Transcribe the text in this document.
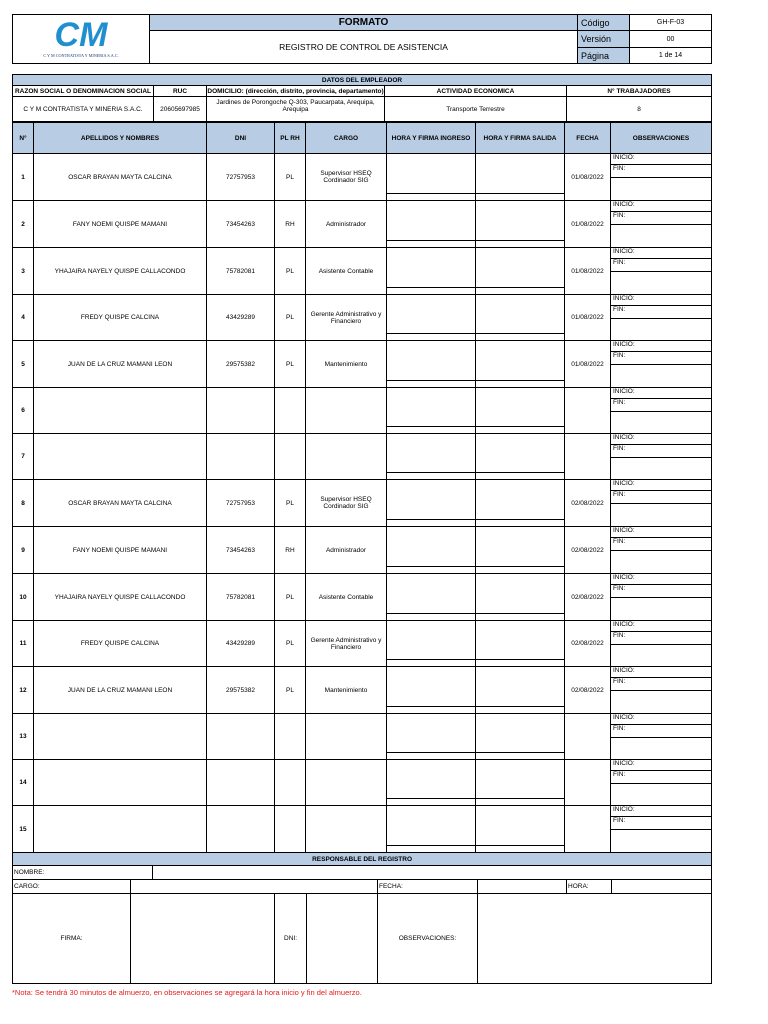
CM
C Y M CONTRATISTA Y MINERIA S.A.C.	FORMATO	Código	GH-F-03
	REGISTRO DE CONTROL DE ASISTENCIA	Versión	00
		Página	1 de 14
DATOS DEL EMPLEADOR				
RAZON SOCIAL O DENOMINACION SOCIAL	RUC	DOMICILIO: (dirección, distrito, provincia, departamento)	ACTIVIDAD ECONOMICA	N° TRABAJADORES
C Y M CONTRATISTA Y MINERIA S.A.C.	20605697985	Jardines de Porongoche Q-303, Paucarpata, Arequipa, Arequipa	Transporte Terrestre	8
N°	APELLIDOS Y NOMBRES	DNI	PL RH	CARGO	HORA Y FIRMA INGRESO	HORA Y FIRMA SALIDA	FECHA	OBSERVACIONES
1	OSCAR BRAYAN MAYTA CALCINA	72757953	PL	Supervisor HSEQ Cordinador SIG			01/08/2022	INICIO:
FIN:

2	FANY NOEMI QUISPE MAMANI	73454263	RH	Administrador			01/08/2022	INICIO:
FIN:

3	YHAJAIRA NAYELY QUISPE CALLACONDO	75782081	PL	Asistente Contable			01/08/2022	INICIO:
FIN:

4	FREDY QUISPE CALCINA	43429289	PL	Gerente Administrativo y Financiero			01/08/2022	INICIO:
FIN:

5	JUAN DE LA CRUZ MAMANI LEON	29575382	PL	Mantenimiento			01/08/2022	INICIO:
FIN:

6								INICIO:
FIN:

7								INICIO:
FIN:

8	OSCAR BRAYAN MAYTA CALCINA	72757953	PL	Supervisor HSEQ Cordinador SIG			02/08/2022	INICIO:
FIN:

9	FANY NOEMI QUISPE MAMANI	73454263	RH	Administrador			02/08/2022	INICIO:
FIN:

10	YHAJAIRA NAYELY QUISPE CALLACONDO	75782081	PL	Asistente Contable			02/08/2022	INICIO:
FIN:

11	FREDY QUISPE CALCINA	43429289	PL	Gerente Administrativo y Financiero			02/08/2022	INICIO:
FIN:

12	JUAN DE LA CRUZ MAMANI LEON	29575382	PL	Mantenimiento			02/08/2022	INICIO:
FIN:

13								INICIO:
FIN:

14								INICIO:
FIN:

15								INICIO:
FIN:
RESPONSABLE DEL REGISTRO								
NOMBRE:								
CARGO:					FECHA:		HORA:	
FIRMA:			DNI:		OBSERVACIONES:			
*Nota: Se tendrá 30 minutos de almuerzo, en observaciones se agregará la hora inicio y fin del almuerzo.
